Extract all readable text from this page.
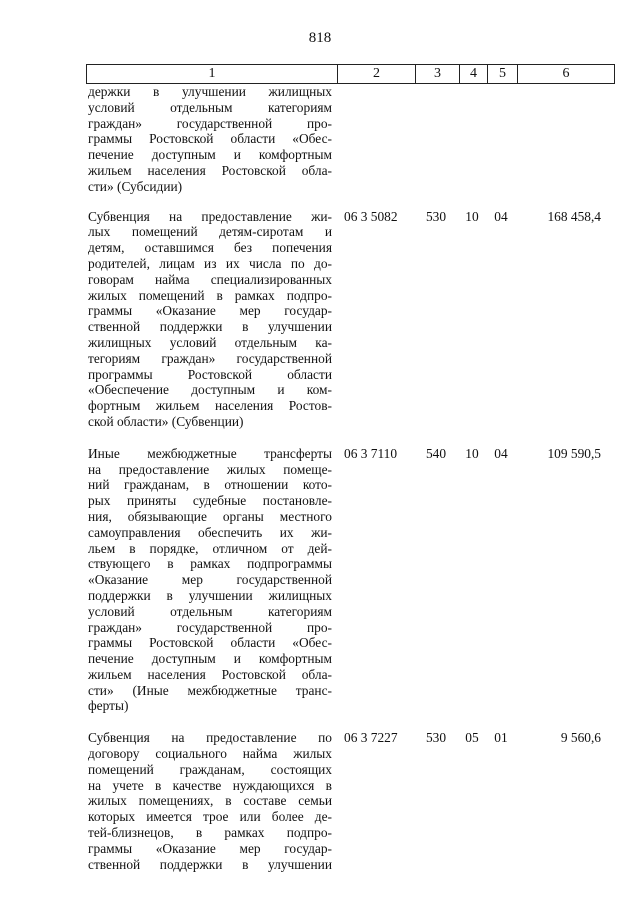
818
1	2	3	4	5	6
держки в улучшении жилищных
условий отдельным категориям
граждан» государственной про-
граммы Ростовской области «Обес-
печение доступным и комфортным
жильем населения Ростовской обла-
сти» (Субсидии)
Субвенция на предоставление жи-
лых помещений детям-сиротам и
детям, оставшимся без попечения
родителей, лицам из их числа по до-
говорам найма специализированных
жилых помещений в рамках подпро-
граммы «Оказание мер государ-
ственной поддержки в улучшении
жилищных условий отдельным ка-
тегориям граждан» государственной
программы Ростовской области
«Обеспечение доступным и ком-
фортным жильем населения Ростов-
ской области» (Субвенции)
06 3 5082	530	10	04	168 458,4
Иные межбюджетные трансферты
на предоставление жилых помеще-
ний гражданам, в отношении кото-
рых приняты судебные постановле-
ния, обязывающие органы местного
самоуправления обеспечить их жи-
льем в порядке, отличном от дей-
ствующего в рамках подпрограммы
«Оказание мер государственной
поддержки в улучшении жилищных
условий отдельным категориям
граждан» государственной про-
граммы Ростовской области «Обес-
печение доступным и комфортным
жильем населения Ростовской обла-
сти» (Иные межбюджетные транс-
ферты)
06 3 7110	540	10	04	109 590,5
Субвенция на предоставление по
договору социального найма жилых
помещений гражданам, состоящих
на учете в качестве нуждающихся в
жилых помещениях, в составе семьи
которых имеется трое или более де-
тей-близнецов, в рамках подпро-
граммы «Оказание мер государ-
ственной поддержки в улучшении
06 3 7227	530	05	01	9 560,6
